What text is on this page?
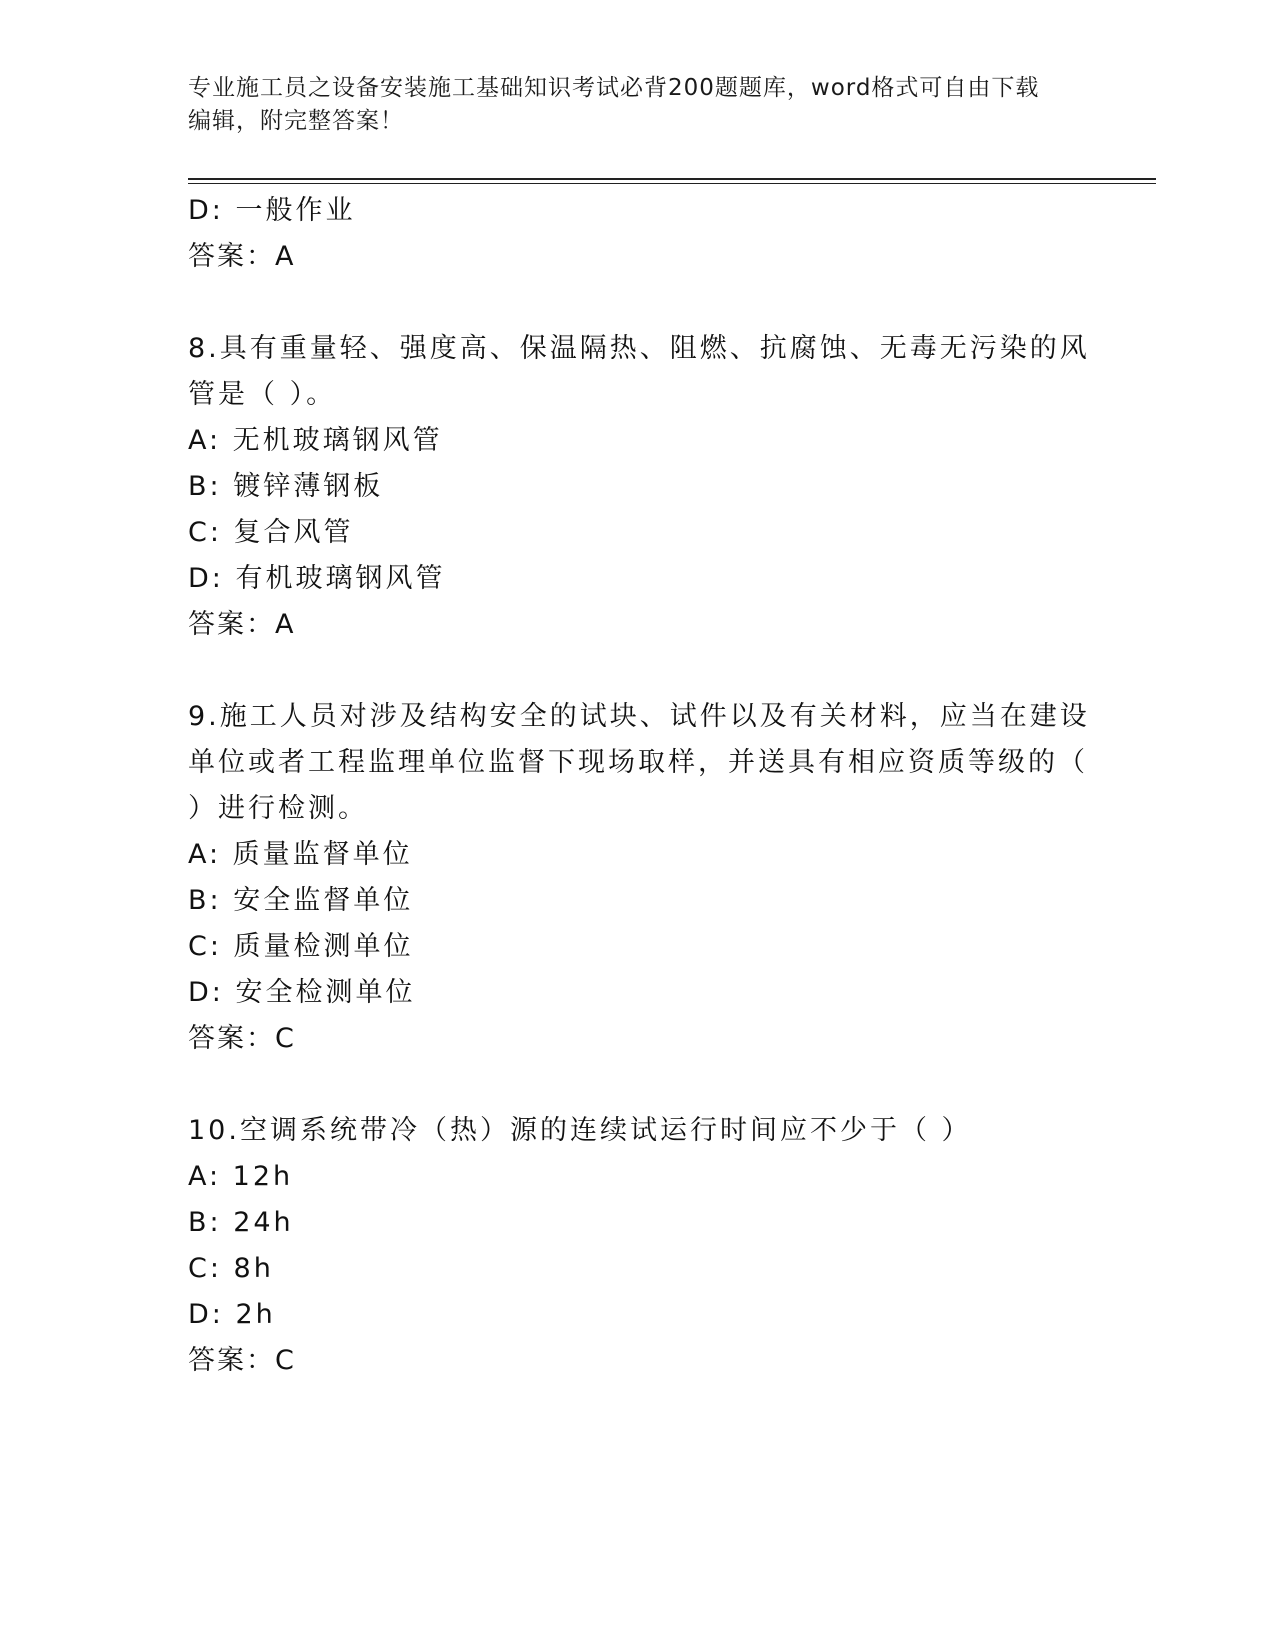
专业施工员之设备安装施工基础知识考试必背200题题库，word格式可自由下载
编辑，附完整答案！
D: 一般作业
答案：A
8.具有重量轻、强度高、保温隔热、阻燃、抗腐蚀、无毒无污染的风
管是（ ）。
A: 无机玻璃钢风管
B: 镀锌薄钢板
C: 复合风管
D: 有机玻璃钢风管
答案：A
9.施工人员对涉及结构安全的试块、试件以及有关材料，应当在建设
单位或者工程监理单位监督下现场取样，并送具有相应资质等级的（
）进行检测。
A: 质量监督单位
B: 安全监督单位
C: 质量检测单位
D: 安全检测单位
答案：C
10.空调系统带冷（热）源的连续试运行时间应不少于（ ）
A: 12h
B: 24h
C: 8h
D: 2h
答案：C
